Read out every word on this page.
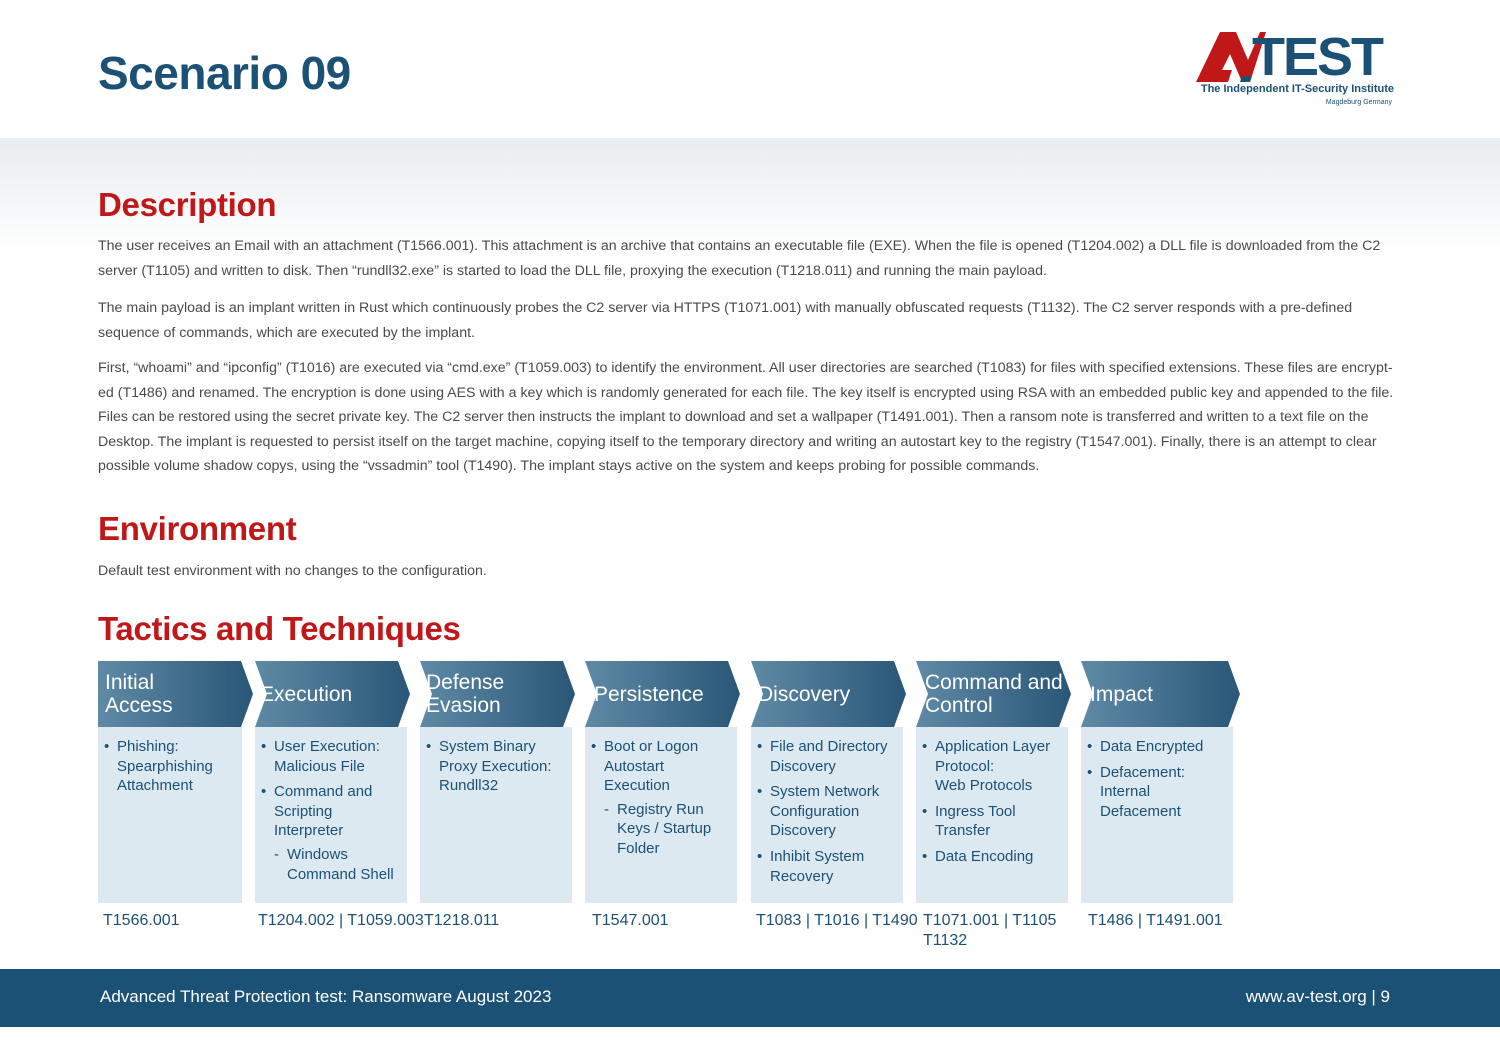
Scenario 09	TEST
The Independent IT-Security Institute
Magdeburg Germany
Description
The user receives an Email with an attachment (T1566.001). This attachment is an archive that contains an executable file (EXE). When the file is opened (T1204.002) a DLL file is downloaded from the C2 server (T1105) and written to disk. Then “rundll32.exe” is started to load the DLL file, proxying the execution (T1218.011) and running the main payload.
The main payload is an implant written in Rust which continuously probes the C2 server via HTTPS (T1071.001) with manually obfuscated requests (T1132). The C2 server responds with a pre-defined sequence of commands, which are executed by the implant.
First, “whoami” and “ipconfig” (T1016) are executed via “cmd.exe” (T1059.003) to identify the environment. All user directories are searched (T1083) for files with specified extensions. These files are encrypt-ed (T1486) and renamed. The encryption is done using AES with a key which is randomly generated for each file. The key itself is encrypted using RSA with an embedded public key and appended to the file. Files can be restored using the secret private key. The C2 server then instructs the implant to download and set a wallpaper (T1491.001). Then a ransom note is transferred and written to a text file on the Desktop. The implant is requested to persist itself on the target machine, copying itself to the temporary directory and writing an autostart key to the registry (T1547.001). Finally, there is an attempt to clear possible volume shadow copys, using the “vssadmin” tool (T1490). The implant stays active on the system and keeps probing for possible commands.
Environment
Default test environment with no changes to the configuration.
Tactics and Techniques
Initial
Access
• Phishing:
Spearphishing
Attachment
T1566.001
Execution
• User Execution:
Malicious File
• Command and
Scripting Interpreter
- Windows
Command Shell
T1204.002 | T1059.003
Defense
Evasion
• System Binary
Proxy Execution:
Rundll32
T1218.011
Persistence
• Boot or Logon
Autostart Execution
- Registry Run
Keys / Startup
Folder
T1547.001
Discovery
• File and Directory
Discovery
• System Network
Configuration
Discovery
• Inhibit System
Recovery
T1083 | T1016 | T1490
Command and
Control
• Application Layer
Protocol:
Web Protocols
• Ingress Tool
Transfer
• Data Encoding
T1071.001 | T1105
T1132
Impact
• Data Encrypted
• Defacement:
Internal
Defacement
T1486 | T1491.001
Advanced Threat Protection test: Ransomware August 2023	www.av-test.org | 9
